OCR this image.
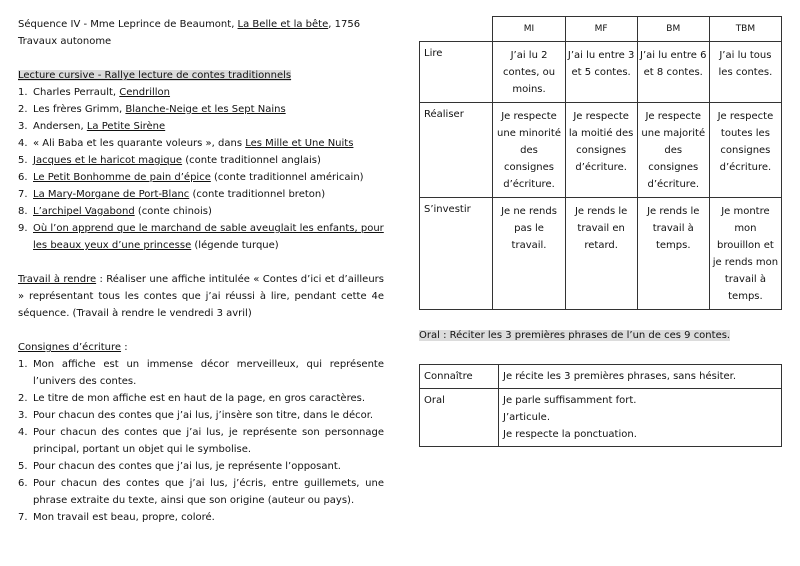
Séquence IV - Mme Leprince de Beaumont, La Belle et la bête, 1756
Travaux autonome
Lecture cursive - Rallye lecture de contes traditionnels
1. Charles Perrault, Cendrillon
2. Les frères Grimm, Blanche-Neige et les Sept Nains
3. Andersen, La Petite Sirène
4. « Ali Baba et les quarante voleurs », dans Les Mille et Une Nuits
5. Jacques et le haricot magique (conte traditionnel anglais)
6. Le Petit Bonhomme de pain d’épice (conte traditionnel américain)
7. La Mary-Morgane de Port-Blanc (conte traditionnel breton)
8. L’archipel Vagabond (conte chinois)
9. Où l’on apprend que le marchand de sable aveuglait les enfants, pour les beaux yeux d’une princesse (légende turque)
Travail à rendre : Réaliser une affiche intitulée « Contes d’ici et d’ailleurs » représentant tous les contes que j’ai réussi à lire, pendant cette 4e séquence. (Travail à rendre le vendredi 3 avril)
Consignes d’écriture :
1. Mon affiche est un immense décor merveilleux, qui représente l’univers des contes.
2. Le titre de mon affiche est en haut de la page, en gros caractères.
3. Pour chacun des contes que j’ai lus, j’insère son titre, dans le décor.
4. Pour chacun des contes que j’ai lus, je représente son personnage principal, portant un objet qui le symbolise.
5. Pour chacun des contes que j’ai lus, je représente l’opposant.
6. Pour chacun des contes que j’ai lus, j’écris, entre guillemets, une phrase extraite du texte, ainsi que son origine (auteur ou pays).
7. Mon travail est beau, propre, coloré.
	MI	MF	BM	TBM
Lire	J’ai lu 2 contes, ou moins.	J’ai lu entre 3 et 5 contes.	J’ai lu entre 6 et 8 contes.	J’ai lu tous les contes.
Réaliser	Je respecte une minorité des consignes d’écriture.	Je respecte la moitié des consignes d’écriture.	Je respecte une majorité des consignes d’écriture.	Je respecte toutes les consignes d’écriture.
S’investir	Je ne rends pas le travail.	Je rends le travail en retard.	Je rends le travail à temps.	Je montre mon brouillon et je rends mon travail à temps.
Oral : Réciter les 3 premières phrases de l’un de ces 9 contes.
Connaître	Je récite les 3 premières phrases, sans hésiter.

Oral	Je parle suffisamment fort.
J’articule.
Je respecte la ponctuation.
